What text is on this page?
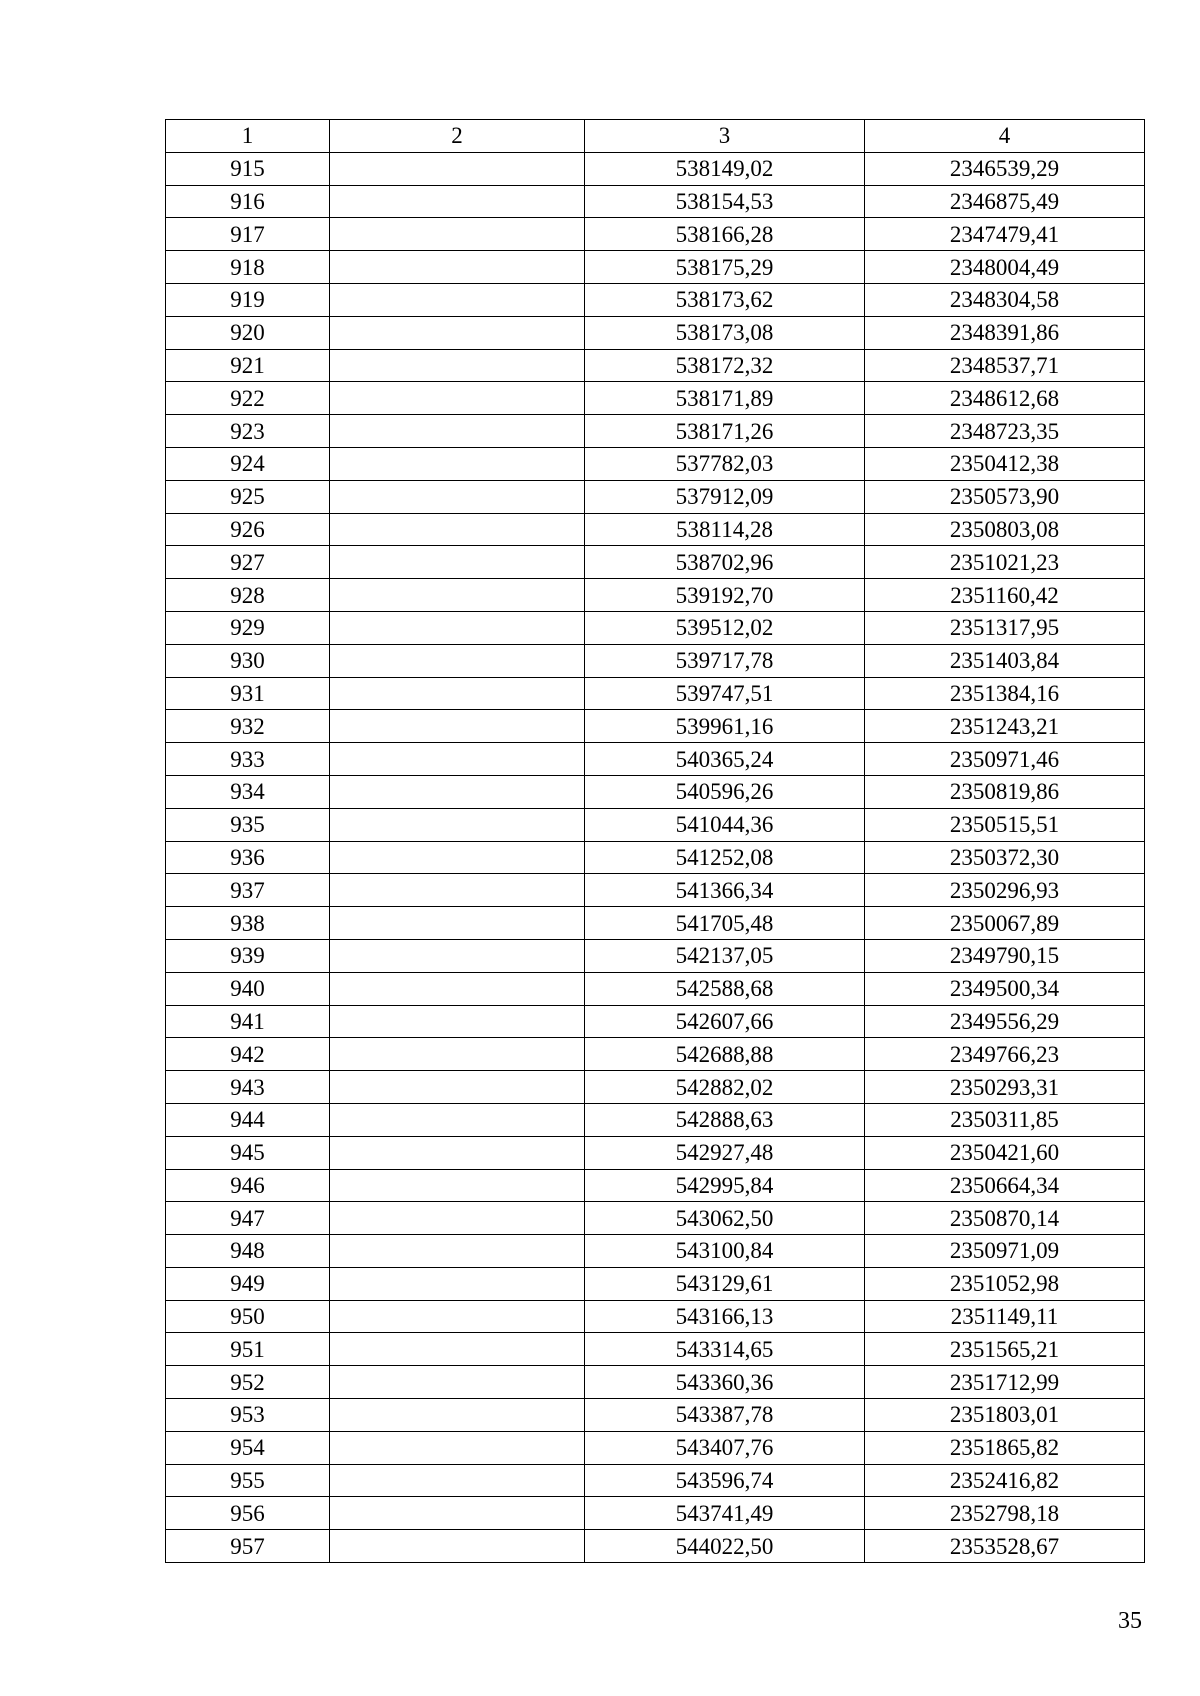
1	2	3	4
915		538149,02	2346539,29
916		538154,53	2346875,49
917		538166,28	2347479,41
918		538175,29	2348004,49
919		538173,62	2348304,58
920		538173,08	2348391,86
921		538172,32	2348537,71
922		538171,89	2348612,68
923		538171,26	2348723,35
924		537782,03	2350412,38
925		537912,09	2350573,90
926		538114,28	2350803,08
927		538702,96	2351021,23
928		539192,70	2351160,42
929		539512,02	2351317,95
930		539717,78	2351403,84
931		539747,51	2351384,16
932		539961,16	2351243,21
933		540365,24	2350971,46
934		540596,26	2350819,86
935		541044,36	2350515,51
936		541252,08	2350372,30
937		541366,34	2350296,93
938		541705,48	2350067,89
939		542137,05	2349790,15
940		542588,68	2349500,34
941		542607,66	2349556,29
942		542688,88	2349766,23
943		542882,02	2350293,31
944		542888,63	2350311,85
945		542927,48	2350421,60
946		542995,84	2350664,34
947		543062,50	2350870,14
948		543100,84	2350971,09
949		543129,61	2351052,98
950		543166,13	2351149,11
951		543314,65	2351565,21
952		543360,36	2351712,99
953		543387,78	2351803,01
954		543407,76	2351865,82
955		543596,74	2352416,82
956		543741,49	2352798,18
957		544022,50	2353528,67
35
